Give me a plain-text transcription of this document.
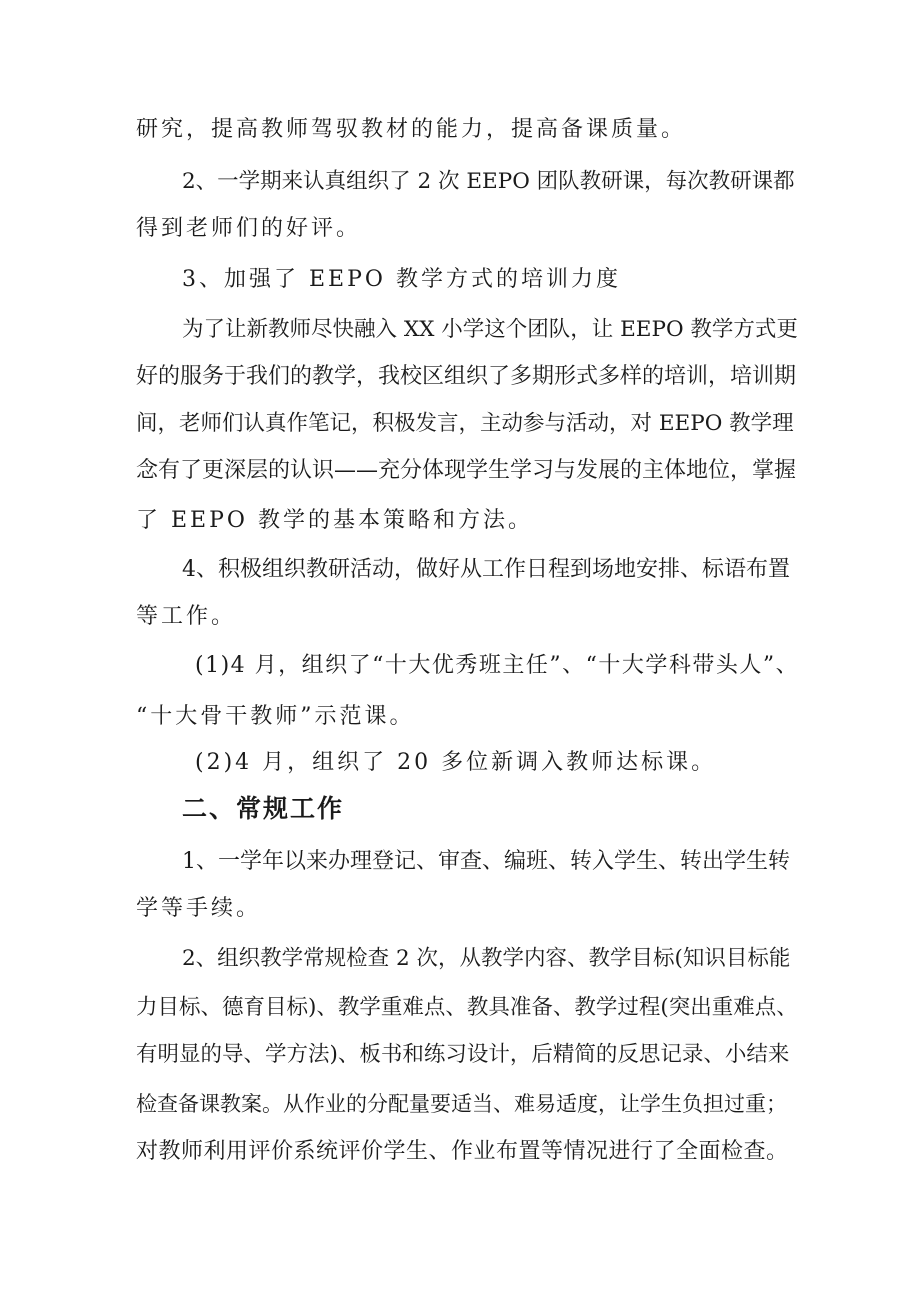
研究，提高教师驾驭教材的能力，提高备课质量。
2、一学期来认真组织了 2 次 EEPO 团队教研课，每次教研课都
得到老师们的好评。
3、加强了 EEPO 教学方式的培训力度
为了让新教师尽快融入 XX 小学这个团队，让 EEPO 教学方式更
好的服务于我们的教学，我校区组织了多期形式多样的培训，培训期
间，老师们认真作笔记，积极发言，主动参与活动，对 EEPO 教学理
念有了更深层的认识——充分体现学生学习与发展的主体地位，掌握
了 EEPO 教学的基本策略和方法。
4、积极组织教研活动，做好从工作日程到场地安排、标语布置
等工作。
(1)4 月，组织了“十大优秀班主任”、“十大学科带头人”、
“十大骨干教师”示范课。
(2)4 月，组织了 20 多位新调入教师达标课。
二、常规工作
1、一学年以来办理登记、审查、编班、转入学生、转出学生转
学等手续。
2、组织教学常规检查 2 次，从教学内容、教学目标(知识目标能
力目标、德育目标)、教学重难点、教具准备、教学过程(突出重难点、
有明显的导、学方法)、板书和练习设计，后精简的反思记录、小结来
检查备课教案。从作业的分配量要适当、难易适度，让学生负担过重；
对教师利用评价系统评价学生、作业布置等情况进行了全面检查。
